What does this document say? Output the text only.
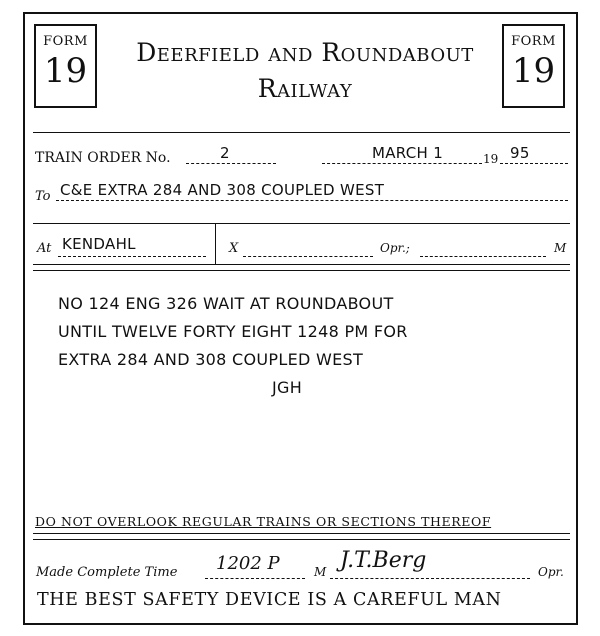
FORM
19
FORM
19
Deerfield and Roundabout
Railway
TRAIN ORDER No.	2	MARCH 1	19 95
To C&E EXTRA 284 AND 308 COUPLED WEST
At KENDAHL	X	Opr.;	M
NO 124 ENG 326 WAIT AT ROUNDABOUT
UNTIL TWELVE FORTY EIGHT 1248 PM FOR
EXTRA 284 AND 308 COUPLED WEST
JGH
DO NOT OVERLOOK REGULAR TRAINS OR SECTIONS THEREOF
Made Complete Time 1202 P	M J.T.Berg	Opr.
THE BEST SAFETY DEVICE IS A CAREFUL MAN
